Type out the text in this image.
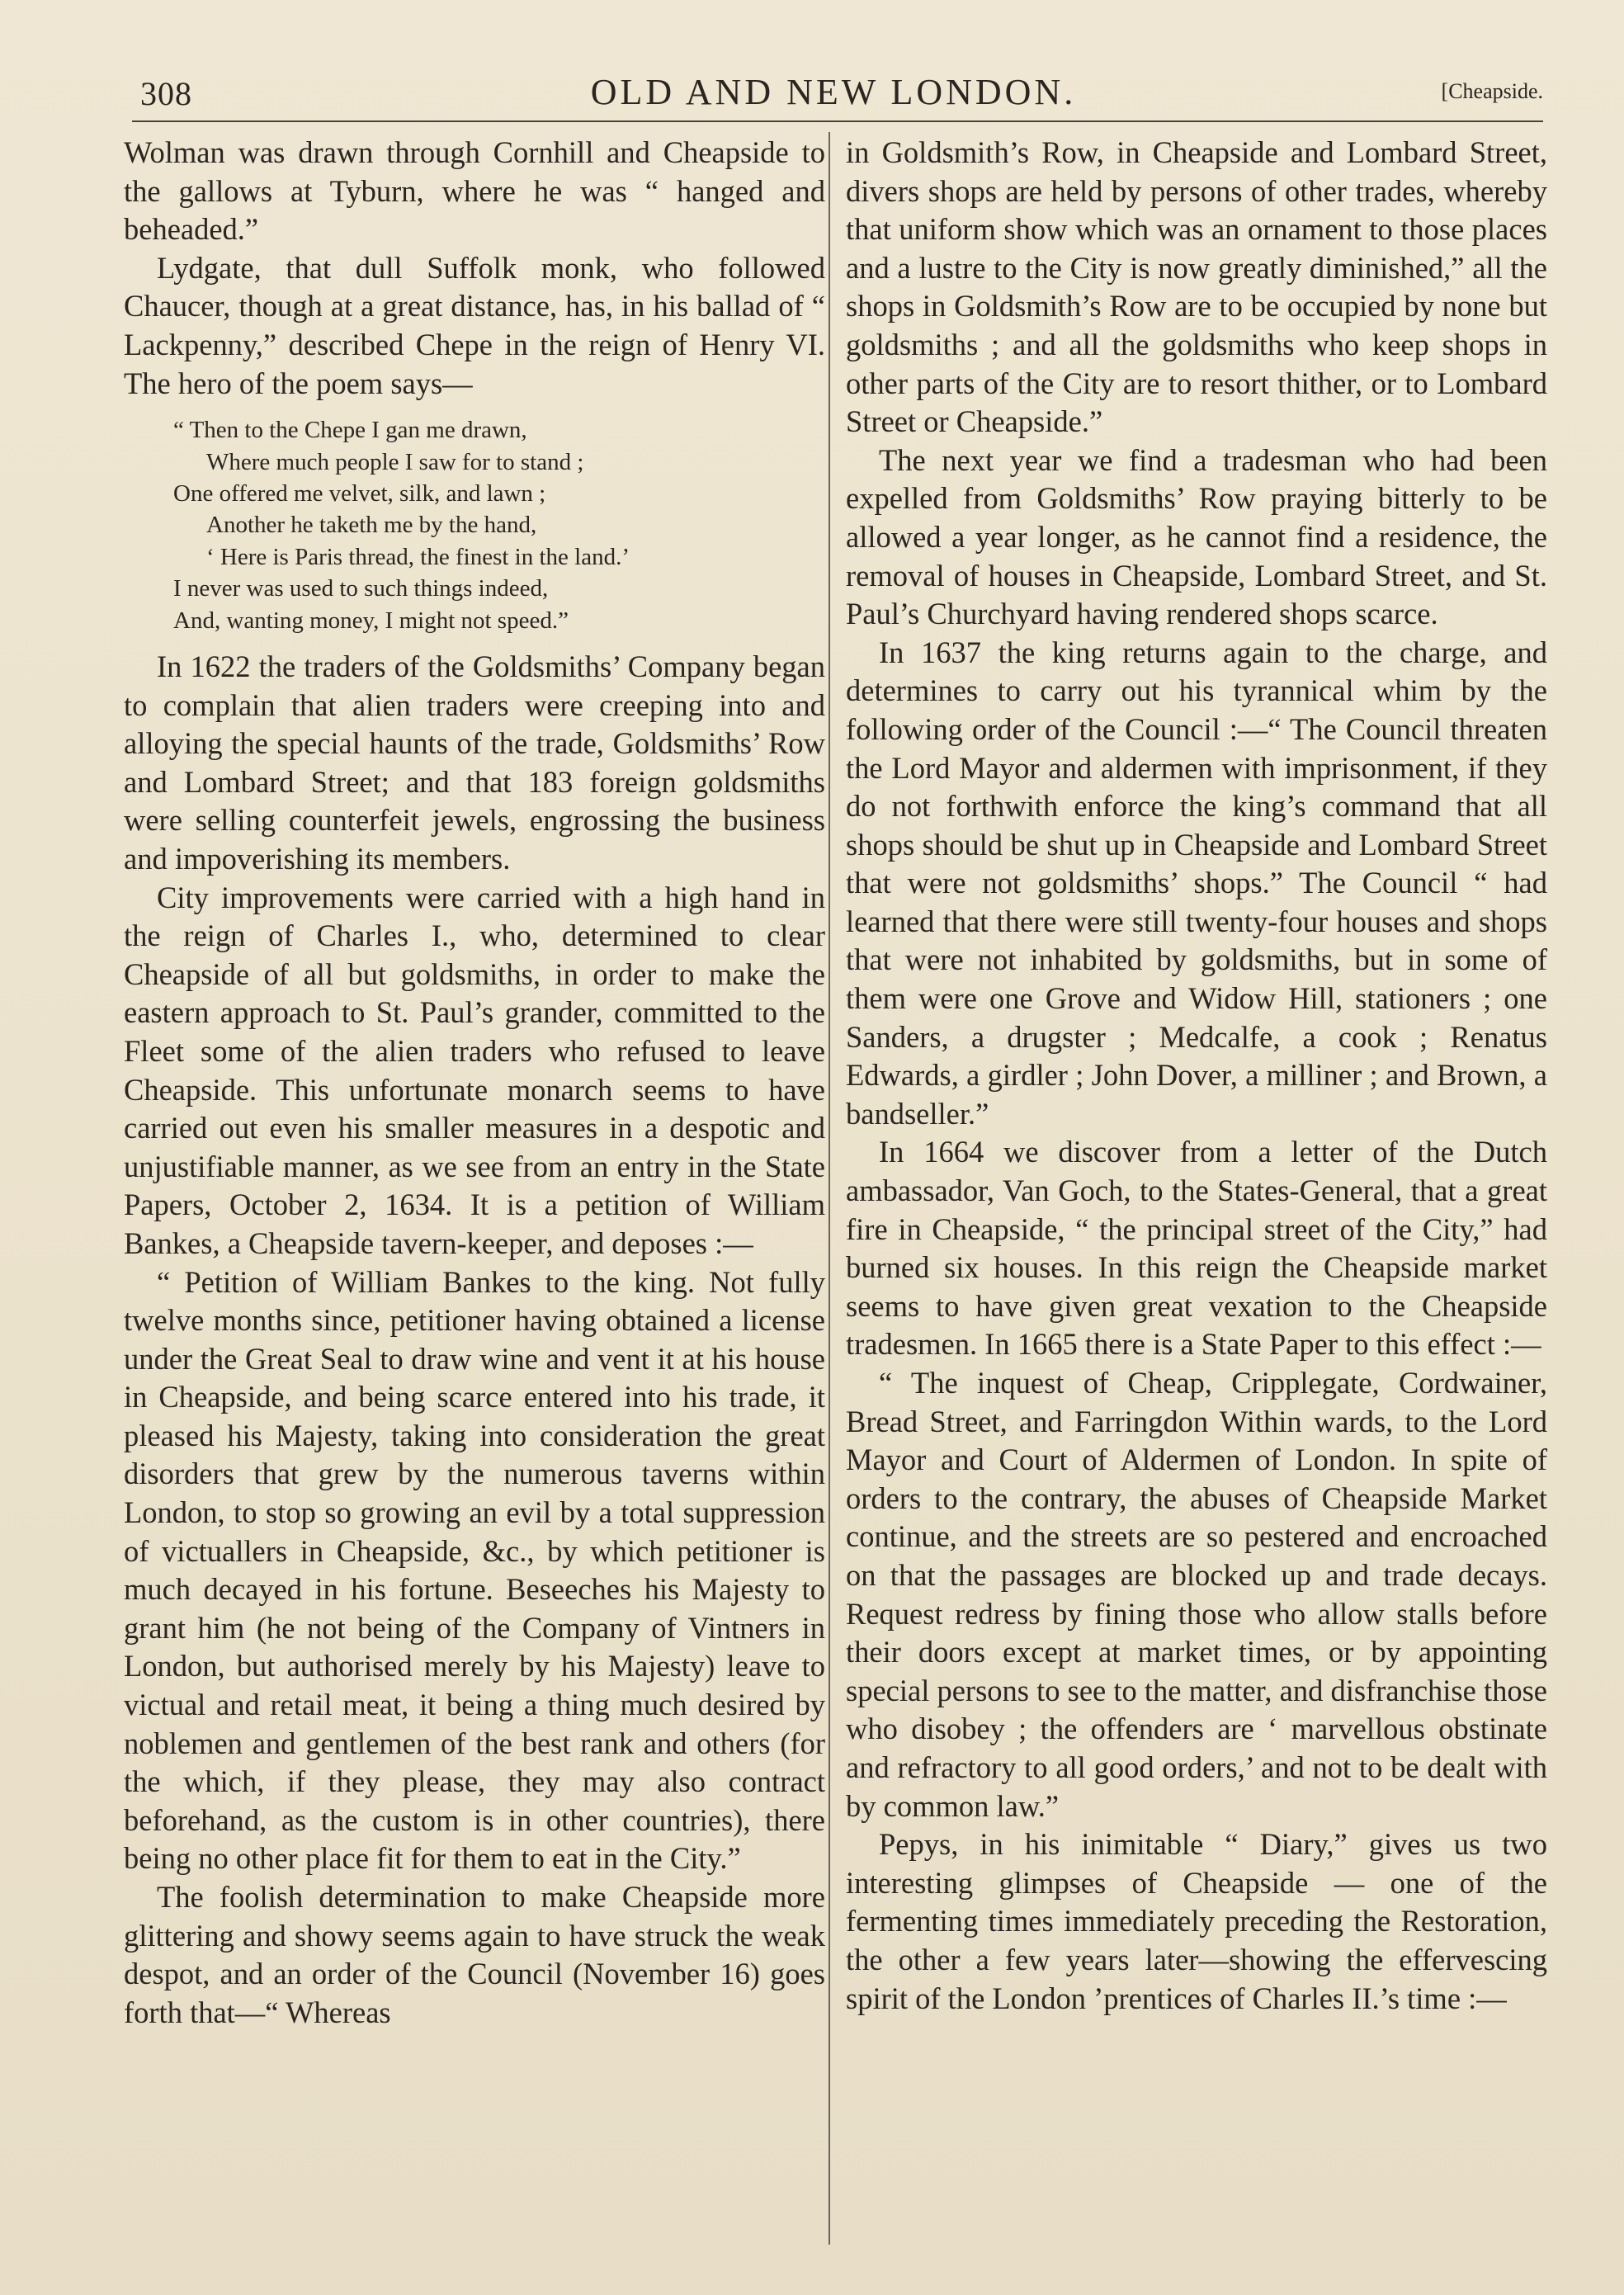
308	OLD AND NEW LONDON.	[Cheapside.

Wolman was drawn through Cornhill and Cheapside to the gallows at Tyburn, where he was “ hanged and beheaded.”

Lydgate, that dull Suffolk monk, who followed Chaucer, though at a great distance, has, in his ballad of “ Lackpenny,” described Chepe in the reign of Henry VI. The hero of the poem says—

“ Then to the Chepe I gan me drawn,
Where much people I saw for to stand ;
One offered me velvet, silk, and lawn ;
Another he taketh me by the hand,
‘ Here is Paris thread, the finest in the land.’
I never was used to such things indeed,
And, wanting money, I might not speed.”

In 1622 the traders of the Goldsmiths’ Company began to complain that alien traders were creeping into and alloying the special haunts of the trade, Goldsmiths’ Row and Lombard Street; and that 183 foreign goldsmiths were selling counterfeit jewels, engrossing the business and impoverishing its members.

City improvements were carried with a high hand in the reign of Charles I., who, determined to clear Cheapside of all but goldsmiths, in order to make the eastern approach to St. Paul’s grander, committed to the Fleet some of the alien traders who refused to leave Cheapside. This unfortunate monarch seems to have carried out even his smaller measures in a despotic and unjustifiable manner, as we see from an entry in the State Papers, October 2, 1634. It is a petition of William Bankes, a Cheapside tavern-keeper, and deposes :—

“ Petition of William Bankes to the king. Not fully twelve months since, petitioner having obtained a license under the Great Seal to draw wine and vent it at his house in Cheapside, and being scarce entered into his trade, it pleased his Majesty, taking into consideration the great disorders that grew by the numerous taverns within London, to stop so growing an evil by a total suppression of victuallers in Cheapside, &c., by which petitioner is much decayed in his fortune. Beseeches his Majesty to grant him (he not being of the Company of Vintners in London, but authorised merely by his Majesty) leave to victual and retail meat, it being a thing much desired by noblemen and gentlemen of the best rank and others (for the which, if they please, they may also contract beforehand, as the custom is in other countries), there being no other place fit for them to eat in the City.”

The foolish determination to make Cheapside more glittering and showy seems again to have struck the weak despot, and an order of the Council (November 16) goes forth that—“ Whereas

in Goldsmith’s Row, in Cheapside and Lombard Street, divers shops are held by persons of other trades, whereby that uniform show which was an ornament to those places and a lustre to the City is now greatly diminished,” all the shops in Goldsmith’s Row are to be occupied by none but goldsmiths ; and all the goldsmiths who keep shops in other parts of the City are to resort thither, or to Lombard Street or Cheapside.”

The next year we find a tradesman who had been expelled from Goldsmiths’ Row praying bitterly to be allowed a year longer, as he cannot find a residence, the removal of houses in Cheapside, Lombard Street, and St. Paul’s Churchyard having rendered shops scarce.

In 1637 the king returns again to the charge, and determines to carry out his tyrannical whim by the following order of the Council :—“ The Council threaten the Lord Mayor and aldermen with imprisonment, if they do not forthwith enforce the king’s command that all shops should be shut up in Cheapside and Lombard Street that were not goldsmiths’ shops.” The Council “ had learned that there were still twenty-four houses and shops that were not inhabited by goldsmiths, but in some of them were one Grove and Widow Hill, stationers ; one Sanders, a drugster ; Medcalfe, a cook ; Renatus Edwards, a girdler ; John Dover, a milliner ; and Brown, a bandseller.”

In 1664 we discover from a letter of the Dutch ambassador, Van Goch, to the States-General, that a great fire in Cheapside, “ the principal street of the City,” had burned six houses. In this reign the Cheapside market seems to have given great vexation to the Cheapside tradesmen. In 1665 there is a State Paper to this effect :—

“ The inquest of Cheap, Cripplegate, Cordwainer, Bread Street, and Farringdon Within wards, to the Lord Mayor and Court of Aldermen of London. In spite of orders to the contrary, the abuses of Cheapside Market continue, and the streets are so pestered and encroached on that the passages are blocked up and trade decays. Request redress by fining those who allow stalls before their doors except at market times, or by appointing special persons to see to the matter, and disfranchise those who disobey ; the offenders are ‘ marvellous obstinate and refractory to all good orders,’ and not to be dealt with by common law.”

Pepys, in his inimitable “ Diary,” gives us two interesting glimpses of Cheapside — one of the fermenting times immediately preceding the Restoration, the other a few years later—showing the effervescing spirit of the London ’prentices of Charles II.’s time :—
